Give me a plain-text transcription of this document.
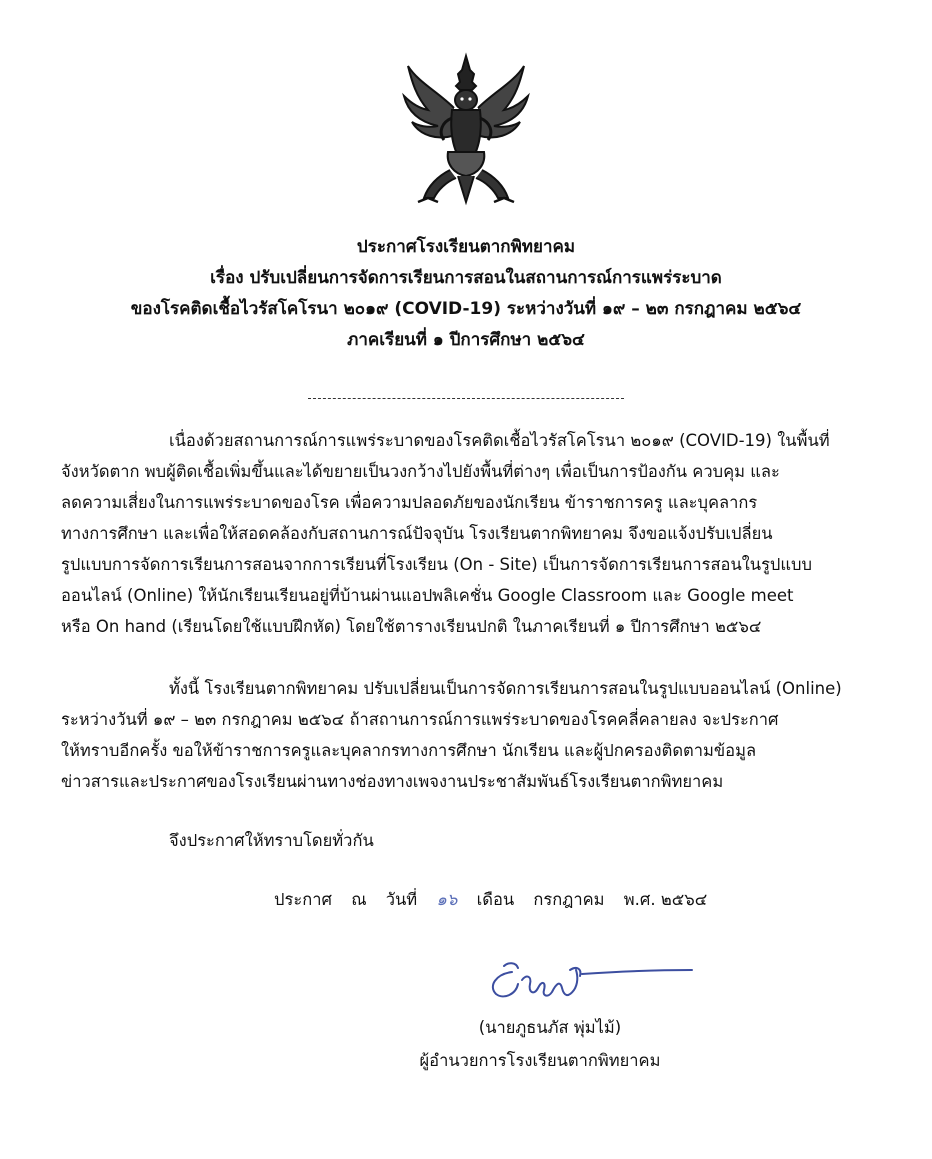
ประกาศโรงเรียนตากพิทยาคม
เรื่อง ปรับเปลี่ยนการจัดการเรียนการสอนในสถานการณ์การแพร่ระบาด
ของโรคติดเชื้อไวรัสโคโรนา ๒๐๑๙ (COVID-19) ระหว่างวันที่ ๑๙ – ๒๓ กรกฎาคม ๒๕๖๔
ภาคเรียนที่ ๑ ปีการศึกษา ๒๕๖๔
เนื่องด้วยสถานการณ์การแพร่ระบาดของโรคติดเชื้อไวรัสโคโรนา ๒๐๑๙ (COVID-19) ในพื้นที่
จังหวัดตาก พบผู้ติดเชื้อเพิ่มขึ้นและได้ขยายเป็นวงกว้างไปยังพื้นที่ต่างๆ เพื่อเป็นการป้องกัน ควบคุม และ
ลดความเสี่ยงในการแพร่ระบาดของโรค เพื่อความปลอดภัยของนักเรียน ข้าราชการครู และบุคลากร
ทางการศึกษา และเพื่อให้สอดคล้องกับสถานการณ์ปัจจุบัน โรงเรียนตากพิทยาคม จึงขอแจ้งปรับเปลี่ยน
รูปแบบการจัดการเรียนการสอนจากการเรียนที่โรงเรียน (On - Site) เป็นการจัดการเรียนการสอนในรูปแบบ
ออนไลน์ (Online) ให้นักเรียนเรียนอยู่ที่บ้านผ่านแอปพลิเคชั่น Google Classroom และ Google meet
หรือ On hand (เรียนโดยใช้แบบฝึกหัด) โดยใช้ตารางเรียนปกติ ในภาคเรียนที่ ๑ ปีการศึกษา ๒๕๖๔
ทั้งนี้ โรงเรียนตากพิทยาคม ปรับเปลี่ยนเป็นการจัดการเรียนการสอนในรูปแบบออนไลน์ (Online)
ระหว่างวันที่ ๑๙ – ๒๓ กรกฎาคม ๒๕๖๔ ถ้าสถานการณ์การแพร่ระบาดของโรคคลี่คลายลง จะประกาศ
ให้ทราบอีกครั้ง ขอให้ข้าราชการครูและบุคลากรทางการศึกษา นักเรียน และผู้ปกครองติดตามข้อมูล
ข่าวสารและประกาศของโรงเรียนผ่านทางช่องทางเพจงานประชาสัมพันธ์โรงเรียนตากพิทยาคม
จึงประกาศให้ทราบโดยทั่วกัน
ประกาศ ณ วันที่ ๑๖ เดือน กรกฎาคม พ.ศ. ๒๕๖๔
(นายภูธนภัส พุ่มไม้)
ผู้อำนวยการโรงเรียนตากพิทยาคม
